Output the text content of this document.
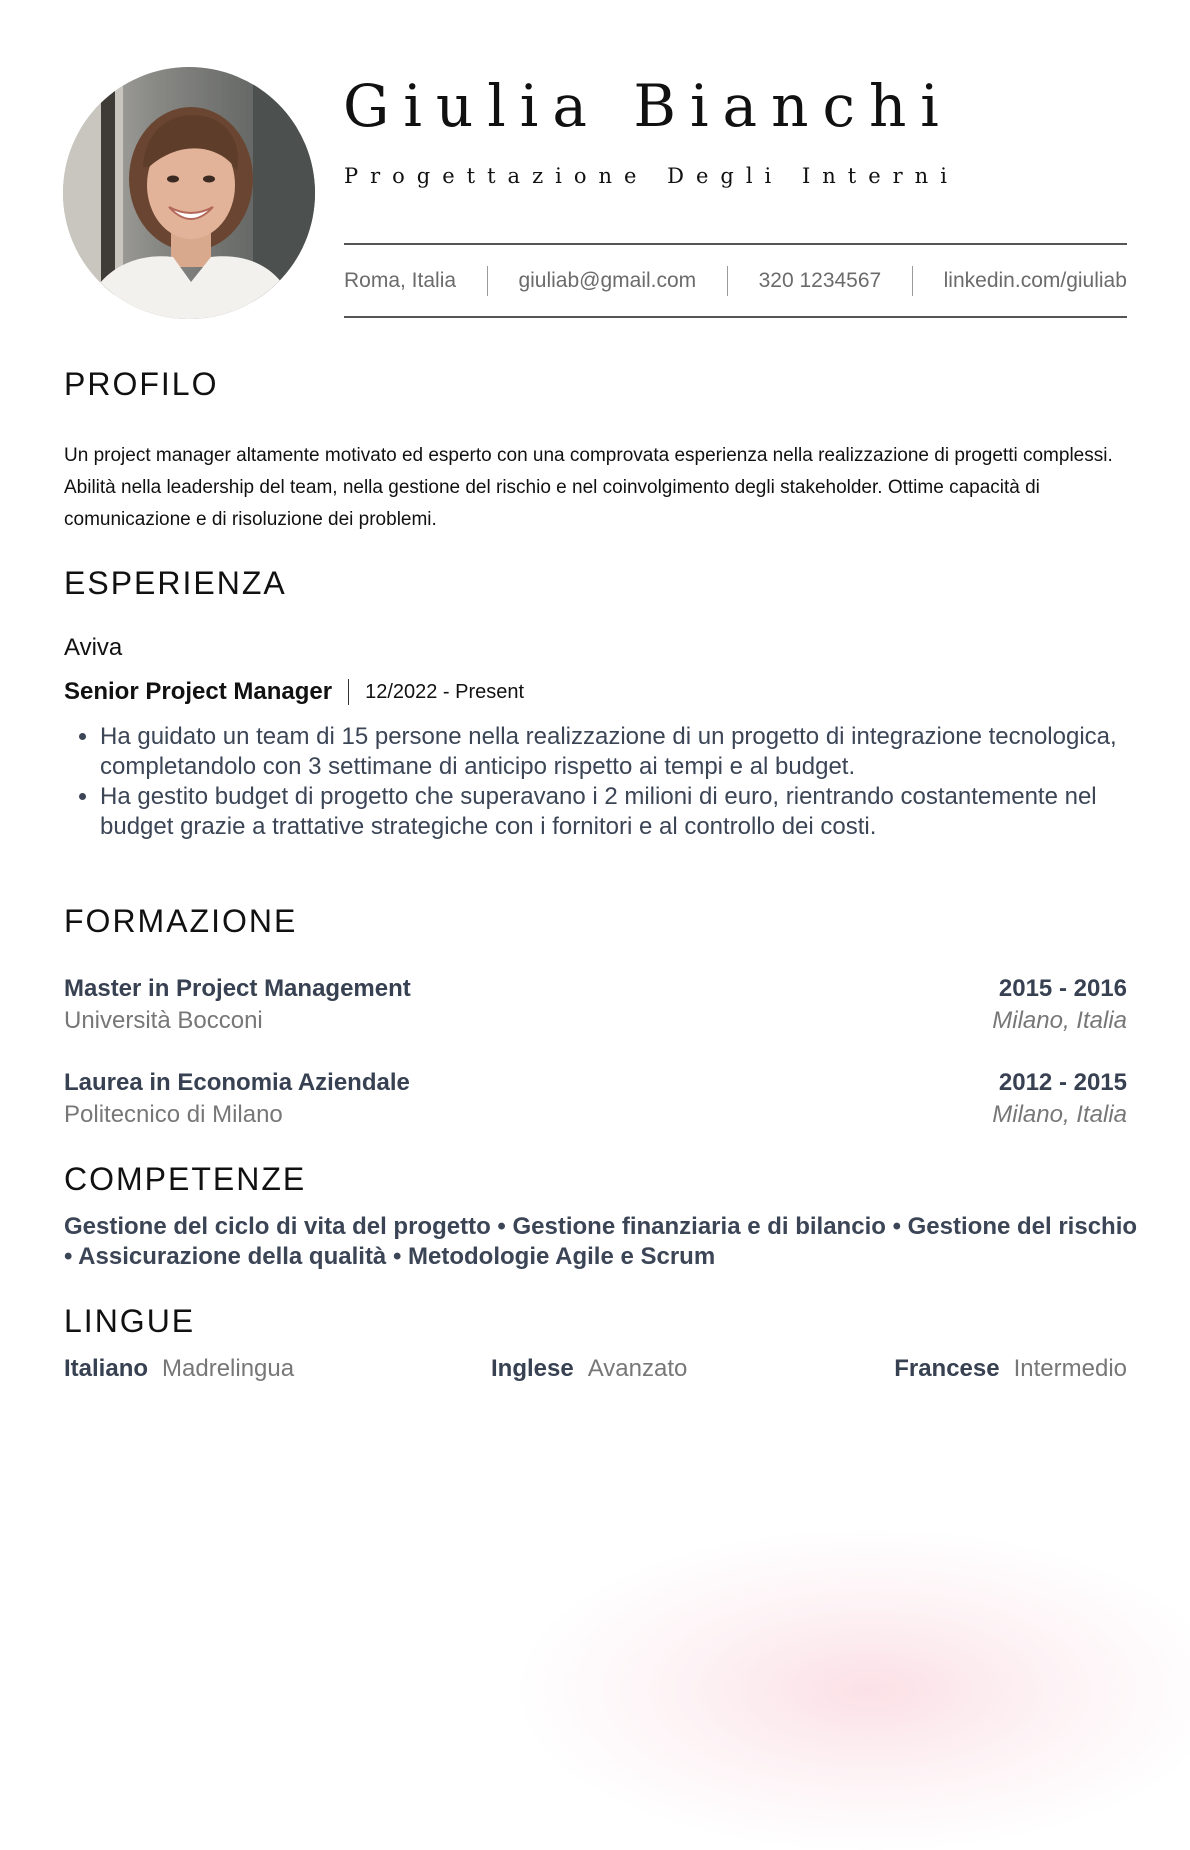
Giulia Bianchi
Progettazione Degli Interni
Roma, Italia	giuliab@gmail.com	320 1234567	linkedin.com/giuliab
PROFILO

Un project manager altamente motivato ed esperto con una comprovata esperienza nella realizzazione di progetti complessi. Abilità nella leadership del team, nella gestione del rischio e nel coinvolgimento degli stakeholder. Ottime capacità di comunicazione e di risoluzione dei problemi.

ESPERIENZA
Aviva
Senior Project Manager 12/2022 - Present
• Ha guidato un team di 15 persone nella realizzazione di un progetto di integrazione tecnologica, completandolo con 3 settimane di anticipo rispetto ai tempi e al budget.
• Ha gestito budget di progetto che superavano i 2 milioni di euro, rientrando costantemente nel budget grazie a trattative strategiche con i fornitori e al controllo dei costi.
FORMAZIONE
Master in Project Management	2015 - 2016
Università Bocconi	Milano, Italia
Laurea in Economia Aziendale	2012 - 2015
Politecnico di Milano	Milano, Italia
COMPETENZE

Gestione del ciclo di vita del progetto • Gestione finanziaria e di bilancio • Gestione del rischio • Assicurazione della qualità • Metodologie Agile e Scrum

LINGUE
Italiano Madrelingua	Inglese Avanzato	Francese Intermedio
